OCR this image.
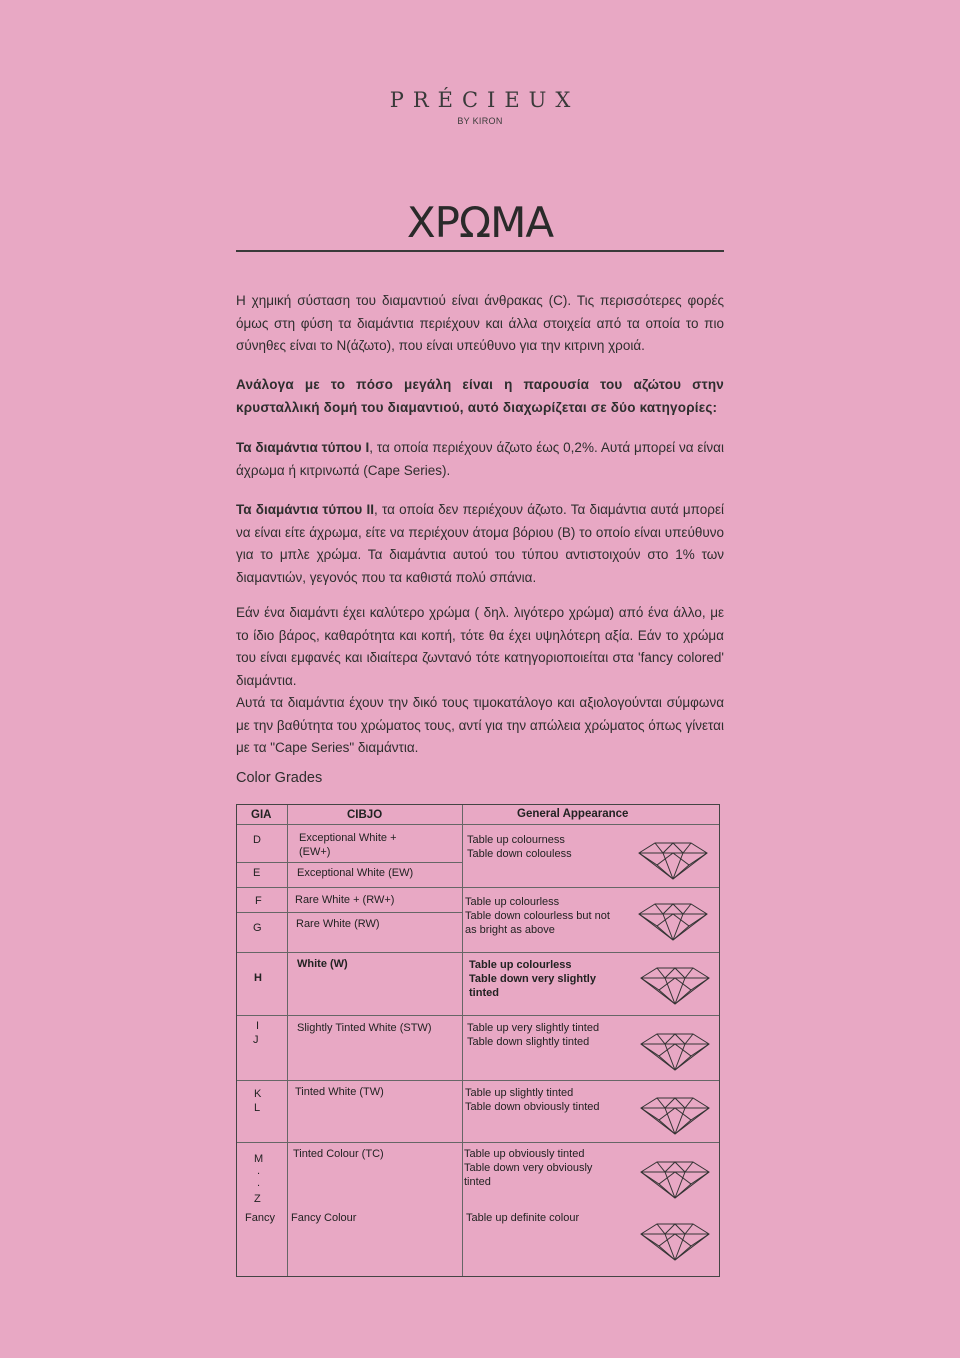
PRÉCIEUX
BY KIRON
ΧΡΩΜΑ
Η χημική σύσταση του διαμαντιού είναι άνθρακας (C). Τις περισσότερες φορές όμως στη φύση τα διαμάντια περιέχουν και άλλα στοιχεία από τα οποία το πιο σύνηθες είναι το Ν(άζωτο), που είναι υπεύθυνο για την κιτρινη χροιά.
Ανάλογα με το πόσο μεγάλη είναι η παρουσία του αζώτου στην κρυσταλλική δομή του διαμαντιού, αυτό διαχωρίζεται σε δύο κατηγορίες:
Τα διαμάντια τύπου Ι, τα οποία περιέχουν άζωτο έως 0,2%. Αυτά μπορεί να είναι άχρωμα ή κιτρινωπά (Cape Series).
Τα διαμάντια τύπου ΙΙ, τα οποία δεν περιέχουν άζωτο. Τα διαμάντια αυτά μπορεί να είναι είτε άχρωμα, είτε να περιέχουν άτομα βόριου (Β) το οποίο είναι υπεύθυνο για το μπλε χρώμα. Τα διαμάντια αυτού του τύπου αντιστοιχούν στο 1% των διαμαντιών, γεγονός που τα καθιστά πολύ σπάνια.
Εάν ένα διαμάντι έχει καλύτερο χρώμα ( δηλ. λιγότερο χρώμα) από ένα άλλο, με το ίδιο βάρος, καθαρότητα και κοπή, τότε θα έχει υψηλότερη αξία. Εάν το χρώμα του είναι εμφανές και ιδιαίτερα ζωντανό τότε κατηγοριοποιείται στα 'fancy colored' διαμάντια.
Αυτά τα διαμάντια έχουν την δικό τους τιμοκατάλογο και αξιολογούνται σύμφωνα με την βαθύτητα του χρώματος τους, αντί για την απώλεια χρώματος όπως γίνεται με τα "Cape Series" διαμάντια.
Color Grades
GIA	CIBJO	General Appearance
D
E
F
G
H
I
J
K
L
M
.
.
Z
Fancy
Exceptional White +
(EW+)
Exceptional White (EW)
Rare White + (RW+)
Rare White (RW)
White (W)
Slightly Tinted White (STW)
Tinted White (TW)
Tinted Colour (TC)
Fancy Colour
Table up colourness
Table down colouless
Table up colourless
Table down colourless but not
as bright as above
Table up colourless
Table down very slightly
tinted
Table up very slightly tinted
Table down slightly tinted
Table up slightly tinted
Table down obviously tinted
Table up obviously tinted
Table down very obviously
tinted
Table up definite colour
